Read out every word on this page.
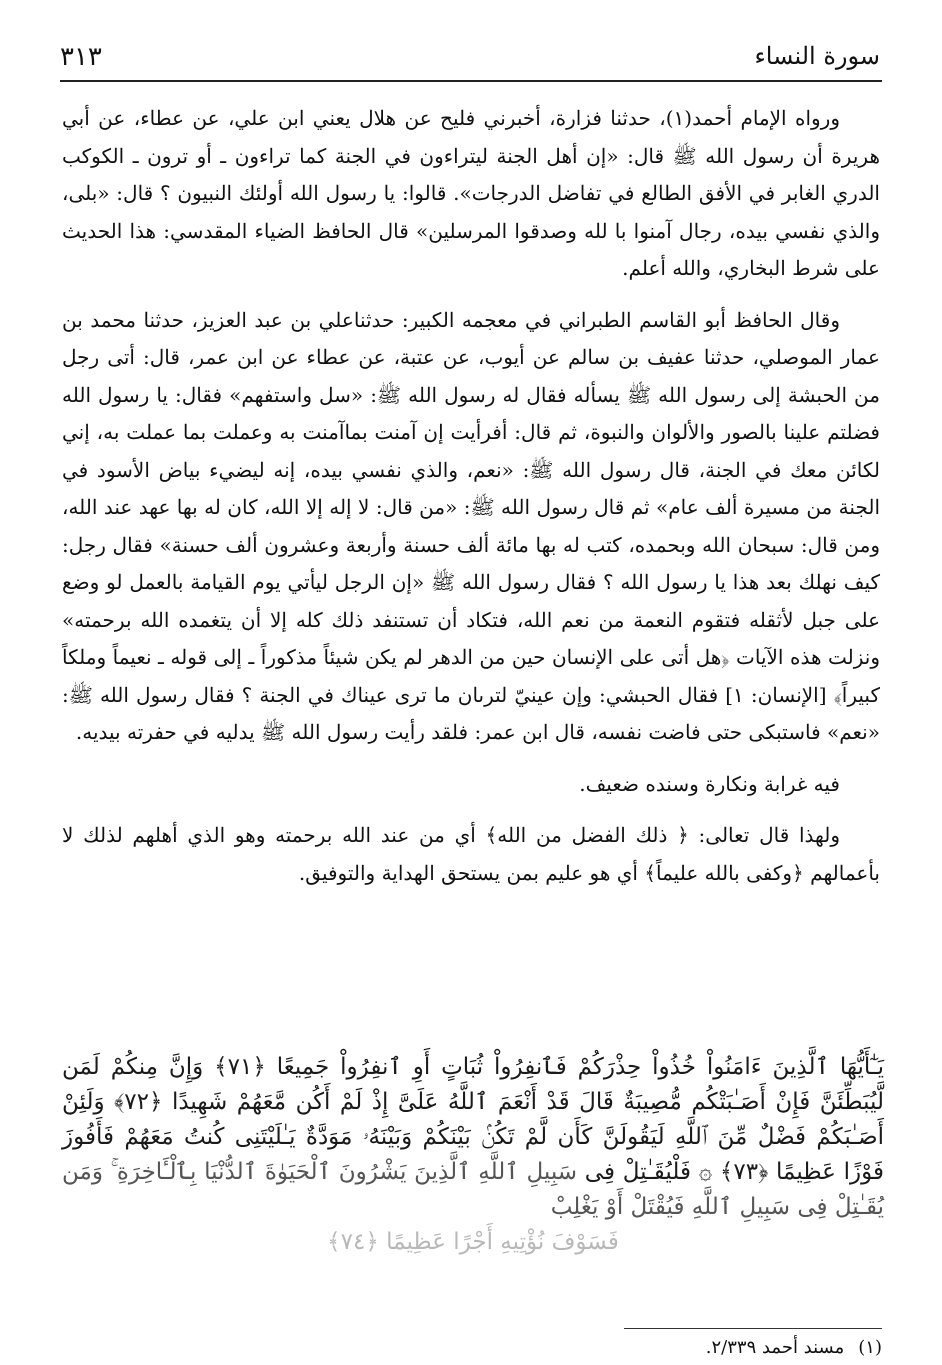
سورة النساء
٣١٣

ورواه الإمام أحمد(١)، حدثنا فزارة، أخبرني فليح عن هلال يعني ابن علي، عن عطاء، عن أبي هريرة أن رسول الله ﷺ قال: «إن أهل الجنة ليتراءون في الجنة كما تراءون ـ أو ترون ـ الكوكب الدري الغابر في الأفق الطالع في تفاضل الدرجات». قالوا: يا رسول الله أولئك النبيون ؟ قال: «بلى، والذي نفسي بيده، رجال آمنوا با لله وصدقوا المرسلين» قال الحافظ الضياء المقدسي: هذا الحديث على شرط البخاري، والله أعلم.

وقال الحافظ أبو القاسم الطبراني في معجمه الكبير: حدثناعلي بن عبد العزيز، حدثنا محمد بن عمار الموصلي، حدثنا عفيف بن سالم عن أيوب، عن عتبة، عن عطاء عن ابن عمر، قال: أتى رجل من الحبشة إلى رسول الله ﷺ يسأله فقال له رسول الله ﷺ: «سل واستفهم» فقال: يا رسول الله فضلتم علينا بالصور والألوان والنبوة، ثم قال: أفرأيت إن آمنت بماآمنت به وعملت بما عملت به، إني لكائن معك في الجنة، قال رسول الله ﷺ: «نعم، والذي نفسي بيده، إنه ليضيء بياض الأسود في الجنة من مسيرة ألف عام» ثم قال رسول الله ﷺ: «من قال: لا إله إلا الله، كان له بها عهد عند الله، ومن قال: سبحان الله وبحمده، كتب له بها مائة ألف حسنة وأربعة وعشرون ألف حسنة» فقال رجل: كيف نهلك بعد هذا يا رسول الله ؟ فقال رسول الله ﷺ «إن الرجل ليأتي يوم القيامة بالعمل لو وضع على جبل لأثقله فتقوم النعمة من نعم الله، فتكاد أن تستنفد ذلك كله إلا أن يتغمده الله برحمته» ونزلت هذه الآيات ﴿هل أتى على الإنسان حين من الدهر لم يكن شيئاً مذكوراً ـ إلى قوله ـ نعيماً وملكاً كبيراً﴾ [الإنسان: ١] فقال الحبشي: وإن عينيّ لترىان ما ترى عيناك في الجنة ؟ فقال رسول الله ﷺ: «نعم» فاستبكى حتى فاضت نفسه، قال ابن عمر: فلقد رأيت رسول الله ﷺ يدليه في حفرته بيديه.

فيه غرابة ونكارة وسنده ضعيف.

ولهذا قال تعالى: ﴿ ذلك الفضل من الله﴾ أي من عند الله برحمته وهو الذي أهلهم لذلك لا بأعمالهم ﴿وكفى بالله عليماً﴾ أي هو عليم بمن يستحق الهداية والتوفيق.

يَـٰٓأَيُّهَا ٱلَّذِينَ ءَامَنُواْ خُذُواْ حِذْرَكُمْ فَٱنفِرُواْ ثُبَاتٍ أَوِ ٱنفِرُواْ جَمِيعًا ﴿٧١﴾ وَإِنَّ مِنكُمْ لَمَن لَّيُبَطِّئَنَّ فَإِنْ أَصَـٰبَتْكُم مُّصِيبَةٌ قَالَ قَدْ أَنْعَمَ ٱللَّهُ عَلَىَّ إِذْ لَمْ أَكُن مَّعَهُمْ شَهِيدًا ﴿٧٢﴾ وَلَئِنْ أَصَـٰبَكُمْ فَضْلٌ مِّنَ ٱللَّهِ لَيَقُولَنَّ كَأَن لَّمْ تَكُنۢ بَيْنَكُمْ وَبَيْنَهُۥ مَوَدَّةٌ يَـٰلَيْتَنِى كُنتُ مَعَهُمْ فَأَفُوزَ فَوْزًا عَظِيمًا ﴿٧٣﴾ ۞ فَلْيُقَـٰتِلْ فِى سَبِيلِ ٱللَّهِ ٱلَّذِينَ يَشْرُونَ ٱلْحَيَوٰةَ ٱلدُّنْيَا بِٱلْـَٔاخِرَةِ ۚ وَمَن يُقَـٰتِلْ فِى سَبِيلِ ٱللَّهِ فَيُقْتَلْ أَوْ يَغْلِبْ
فَسَوْفَ نُؤْتِيهِ أَجْرًا عَظِيمًا ﴿٧٤﴾
(١)مسند أحمد ٢/٣٣٩.
